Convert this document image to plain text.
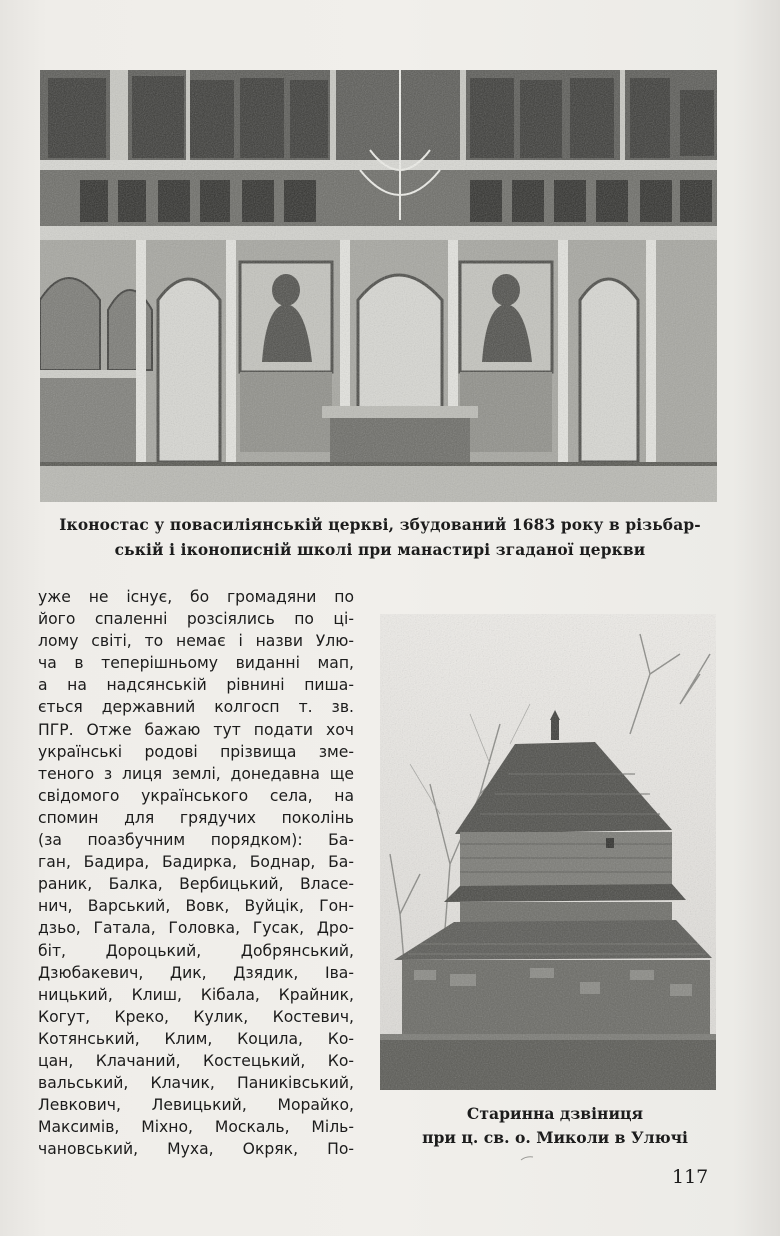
Іконостас у повасиліянській церкві, збудований 1683 року в різьбар-
ській і іконописній школі при манастирі згаданої церкви
уже не існує, бо громадяни по
його спаленні розсіялись по ці-
лому світі, то немає і назви Улю-
ча в теперішньому виданні мап,
а на надсянській рівнині пиша-
ється державний колгосп т. зв.
ПГР. Отже бажаю тут подати хоч
українські родові прізвища зме-
теного з лиця землі, донедавна ще
свідомого українського села, на
спомин для грядучих поколінь
(за поазбучним порядком): Ба-
ган, Бадира, Бадирка, Боднар, Ба-
раник, Балка, Вербицький, Власе-
нич, Варський, Вовк, Вуйцік, Гон-
дзьо, Гатала, Головка, Гусак, Дро-
біт, Дороцький, Добрянський,
Дзюбакевич, Дик, Дзядик, Іва-
ницький, Клиш, Кібала, Крайник,
Когут, Креко, Кулик, Костевич,
Котянський, Клим, Коцила, Ко-
цан, Клачаний, Костецький, Ко-
вальський, Клачик, Паниківський,
Левкович, Левицький, Морайко,
Максимів, Міхно, Москаль, Міль-
чановський, Муха, Окряк, По-
Старинна дзвіниця
при ц. св. о. Миколи в Улючі
117
